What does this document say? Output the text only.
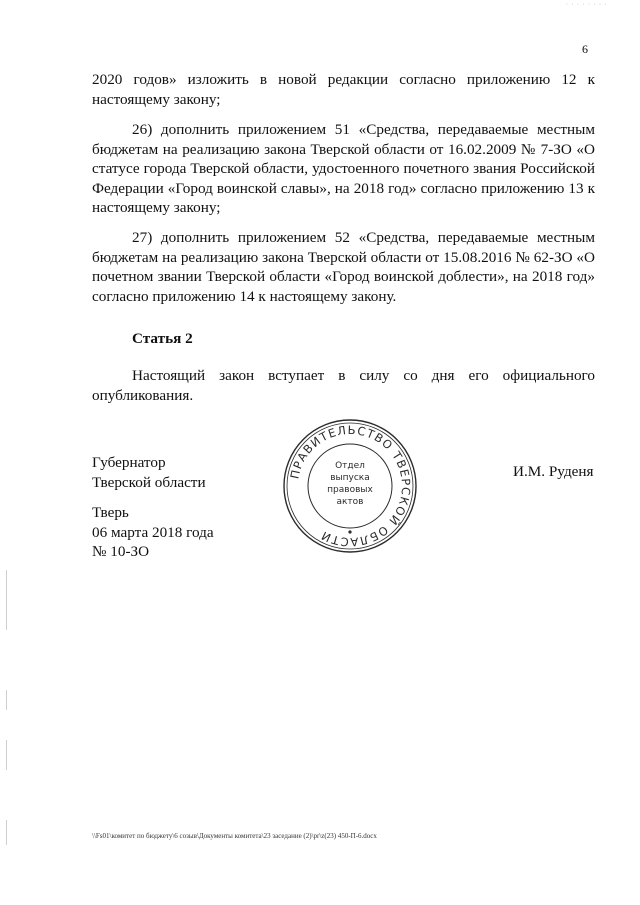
· · · · · · · ·
6

2020 годов» изложить в новой редакции согласно приложению 12 к настоящему закону;

26) дополнить приложением 51 «Средства, передаваемые местным бюджетам на реализацию закона Тверской области от 16.02.2009 № 7-ЗО «О статусе города Тверской области, удостоенного почетного звания Российской Федерации «Город воинской славы», на 2018 год» согласно приложению 13 к настоящему закону;

27) дополнить приложением 52 «Средства, передаваемые местным бюджетам на реализацию закона Тверской области от 15.08.2016 № 62-ЗО «О почетном звании Тверской области «Город воинской доблести», на 2018 год» согласно приложению 14 к настоящему закону.

Статья 2

Настоящий закон вступает в силу со дня его официального опубликования.

Губернатор
Тверской области
И.М. Руденя
Тверь
06 марта 2018 года
№ 10-ЗО
ПРАВИТЕЛЬСТВО ТВЕРСКОЙ ОБЛАСТИ
Отдел
выпуска
правовых
актов
\\Fs01\комитет по бюджету\6 созыв\Документы комитета\23 заседание (2)\pr\z(23) 450-П-6.docx
